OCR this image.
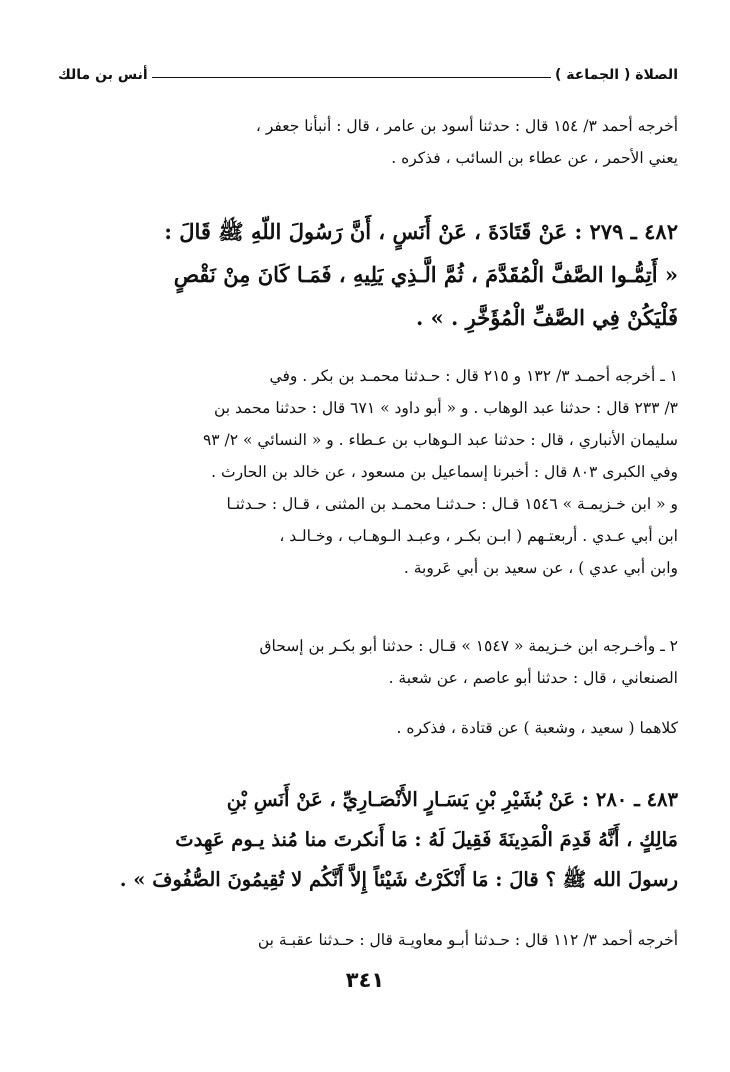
الصلاة ( الجماعة )
أنس بن مالك
أخرجه أحمد ٣/ ١٥٤ قال : حدثنا أسود بن عامر ، قال : أنبأنا جعفر ،
يعني الأحمر ، عن عطاء بن السائب ، فذكره .
٤٨٢ ـ ٢٧٩ : عَنْ قَتَادَةَ ، عَنْ أَنَسٍ ، أَنَّ رَسُولَ اللّهِ ﷺ قَالَ :
« أَتِمُّـوا الصَّفَّ الْمُقَدَّمَ ، ثُمَّ الَّـذِي يَلِيهِ ، فَمَـا كَانَ مِنْ نَقْصٍ
فَلْيَكُنْ فِي الصَّفِّ الْمُؤَخَّرِ . » .
١ ـ أخرجه أحمـد ٣/ ١٣٢ و ٢١٥ قال : حـدثنا محمـد بن بكر . وفي
٣/ ٢٣٣ قال : حدثنا عبد الوهاب . و « أبو داود » ٦٧١ قال : حدثنا محمد بن
سليمان الأنباري ، قال : حدثنا عبد الـوهاب بن عـطاء . و « النسائي » ٢/ ٩٣
وفي الكبرى ٨٠٣ قال : أخبرنا إسماعيل بن مسعود ، عن خالد بن الحارث .
و « ابن خـزيمـة » ١٥٤٦ قـال : حـدثنـا محمـد بن المثنى ، قـال : حـدثنـا
ابن أبي عـدي . أربعتـهم ( ابـن بكـر ، وعبـد الـوهـاب ، وخـالـد ،
وابن أبي عدي ) ، عن سعيد بن أبي عَروبة .
٢ ـ وأخـرجه ابن خـزيمة « ١٥٤٧ » قـال : حدثنا أبو بكـر بن إسحاق
الصنعاني ، قال : حدثنا أبو عاصم ، عن شعبة .
كلاهما ( سعيد ، وشعبة ) عن قتادة ، فذكره .
٤٨٣ ـ ٢٨٠ : عَنْ بُشَيْرِ بْنِ يَسَـارٍ الأَنْصَـارِيِّ ، عَنْ أَنَسِ بْنِ
مَالِكٍ ، أَنَّهُ قَدِمَ الْمَدِينَةَ فَقِيلَ لَهُ : مَا أَنكرتَ منا مُنذ يـوم عَهِدتَ
رسولَ الله ﷺ ؟ قالَ : مَا أَنْكَرْتُ شَيْئاً إِلاَّ أَنَّكُم لا تُقِيمُونَ الصُّفُوفَ » .
أخرجه أحمد ٣/ ١١٢ قال : حـدثنا أبـو معاويـة قال : حـدثنا عقبـة بن
٣٤١
